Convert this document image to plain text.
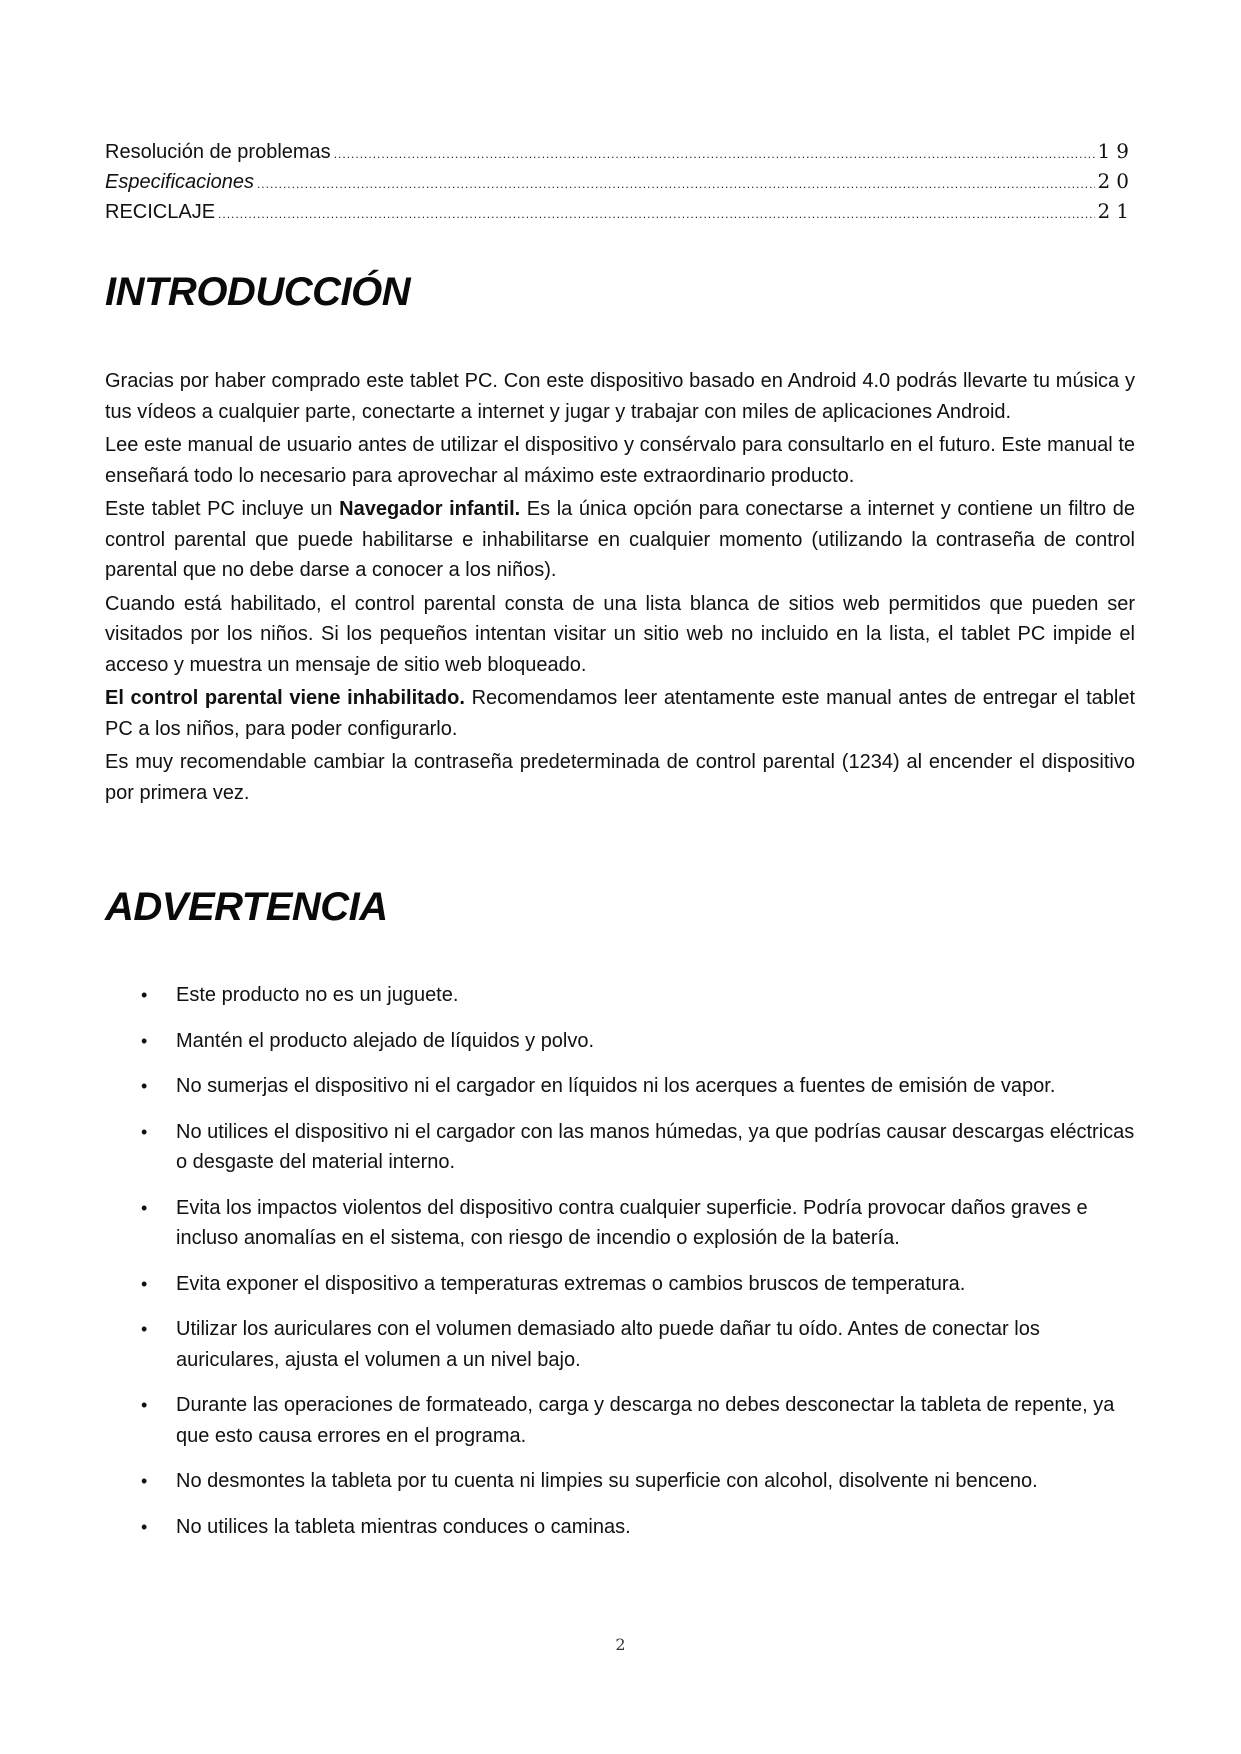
Resolución de problemas .....	19
Especificaciones .....	20
RECICLAJE .....	21
INTRODUCCIÓN

Gracias por haber comprado este tablet PC. Con este dispositivo basado en Android 4.0 podrás llevarte tu música y tus vídeos a cualquier parte, conectarte a internet y jugar y trabajar con miles de aplicaciones Android.

Lee este manual de usuario antes de utilizar el dispositivo y consérvalo para consultarlo en el futuro. Este manual te enseñará todo lo necesario para aprovechar al máximo este extraordinario producto.

Este tablet PC incluye un Navegador infantil. Es la única opción para conectarse a internet y contiene un filtro de control parental que puede habilitarse e inhabilitarse en cualquier momento (utilizando la contraseña de control parental que no debe darse a conocer a los niños).

Cuando está habilitado, el control parental consta de una lista blanca de sitios web permitidos que pueden ser visitados por los niños. Si los pequeños intentan visitar un sitio web no incluido en la lista, el tablet PC impide el acceso y muestra un mensaje de sitio web bloqueado.

El control parental viene inhabilitado. Recomendamos leer atentamente este manual antes de entregar el tablet PC a los niños, para poder configurarlo.

Es muy recomendable cambiar la contraseña predeterminada de control parental (1234) al encender el dispositivo por primera vez.

ADVERTENCIA
• Este producto no es un juguete.
• Mantén el producto alejado de líquidos y polvo.
• No sumerjas el dispositivo ni el cargador en líquidos ni los acerques a fuentes de emisión de vapor.
• No utilices el dispositivo ni el cargador con las manos húmedas, ya que podrías causar descargas eléctricas o desgaste del material interno.
• Evita los impactos violentos del dispositivo contra cualquier superficie. Podría provocar daños graves e incluso anomalías en el sistema, con riesgo de incendio o explosión de la batería.
• Evita exponer el dispositivo a temperaturas extremas o cambios bruscos de temperatura.
• Utilizar los auriculares con el volumen demasiado alto puede dañar tu oído. Antes de conectar los auriculares, ajusta el volumen a un nivel bajo.
• Durante las operaciones de formateado, carga y descarga no debes desconectar la tableta de repente, ya que esto causa errores en el programa.
• No desmontes la tableta por tu cuenta ni limpies su superficie con alcohol, disolvente ni benceno.
• No utilices la tableta mientras conduces o caminas.
2
